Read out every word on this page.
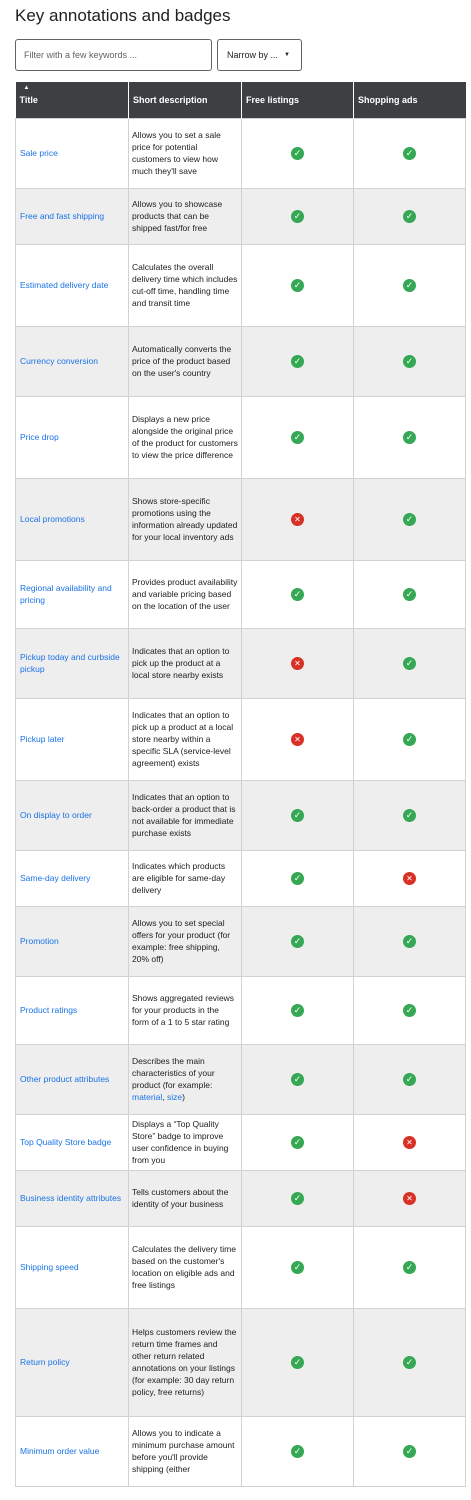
Key annotations and badges
Filter with a few keywords ...
Narrow by ... ▼
▲
Title	Short description	Free listings	Shopping ads
Sale price	Allows you to set a sale price for potential customers to view how much they'll save	✓	✓
Free and fast shipping	Allows you to showcase products that can be shipped fast/for free	✓	✓
Estimated delivery date	Calculates the overall delivery time which includes cut-off time, handling time and transit time	✓	✓
Currency conversion	Automatically converts the price of the product based on the user's country	✓	✓
Price drop	Displays a new price alongside the original price of the product for customers to view the price difference	✓	✓
Local promotions	Shows store-specific promotions using the information already updated for your local inventory ads	✕	✓
Regional availability and pricing	Provides product availability and variable pricing based on the location of the user	✓	✓
Pickup today and curbside pickup	Indicates that an option to pick up the product at a local store nearby exists	✕	✓
Pickup later	Indicates that an option to pick up a product at a local store nearby within a specific SLA (service-level agreement) exists	✕	✓
On display to order	Indicates that an option to back-order a product that is not available for immediate purchase exists	✓	✓
Same-day delivery	Indicates which products are eligible for same-day delivery	✓	✕
Promotion	Allows you to set special offers for your product (for example: free shipping, 20% off)	✓	✓
Product ratings	Shows aggregated reviews for your products in the form of a 1 to 5 star rating	✓	✓
Other product attributes	Describes the main characteristics of your product (for example: material, size)	✓	✓
Top Quality Store badge	Displays a “Top Quality Store” badge to improve user confidence in buying from you	✓	✕
Business identity attributes	Tells customers about the identity of your business	✓	✕
Shipping speed	Calculates the delivery time based on the customer's location on eligible ads and free listings	✓	✓
Return policy	Helps customers review the return time frames and other return related annotations on your listings (for example: 30 day return policy, free returns)	✓	✓
Minimum order value	Allows you to indicate a minimum purchase amount before you'll provide shipping (either	✓	✓
